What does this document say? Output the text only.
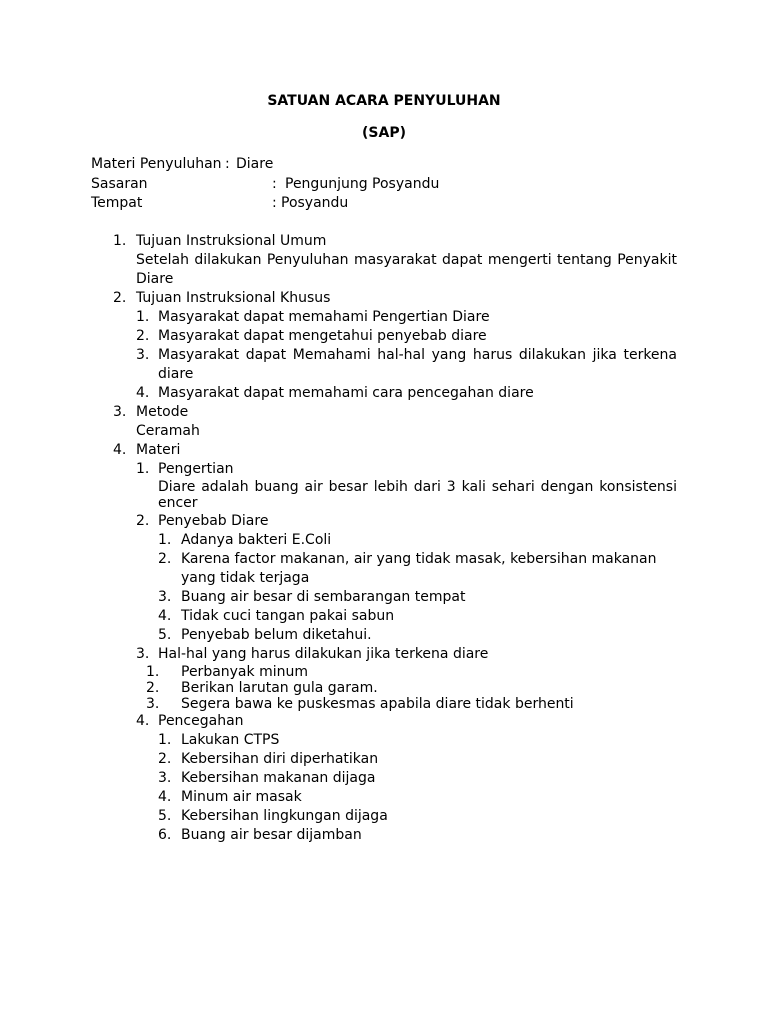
SATUAN ACARA PENYULUHAN
(SAP)
Materi Penyuluhan : Diare
Sasaran	: Pengunjung Posyandu
Tempat	: Posyandu
1. Tujuan Instruksional Umum
Setelah dilakukan Penyuluhan masyarakat dapat mengerti tentang Penyakit Diare
2. Tujuan Instruksional Khusus
1. Masyarakat dapat memahami Pengertian Diare
2. Masyarakat dapat mengetahui penyebab diare
3. Masyarakat dapat Memahami hal-hal yang harus dilakukan jika terkena diare
4. Masyarakat dapat memahami cara pencegahan diare
3. Metode
Ceramah
4. Materi
1. Pengertian
Diare adalah buang air besar lebih dari 3 kali sehari dengan konsistensi encer
2. Penyebab Diare
1. Adanya bakteri E.Coli
2. Karena factor makanan, air yang tidak masak, kebersihan makanan yang tidak terjaga
3. Buang air besar di sembarangan tempat
4. Tidak cuci tangan pakai sabun
5. Penyebab belum diketahui.
3. Hal-hal yang harus dilakukan jika terkena diare
1. Perbanyak minum
2. Berikan larutan gula garam.
3. Segera bawa ke puskesmas apabila diare tidak berhenti
4. Pencegahan
1. Lakukan CTPS
2. Kebersihan diri diperhatikan
3. Kebersihan makanan dijaga
4. Minum air masak
5. Kebersihan lingkungan dijaga
6. Buang air besar dijamban
